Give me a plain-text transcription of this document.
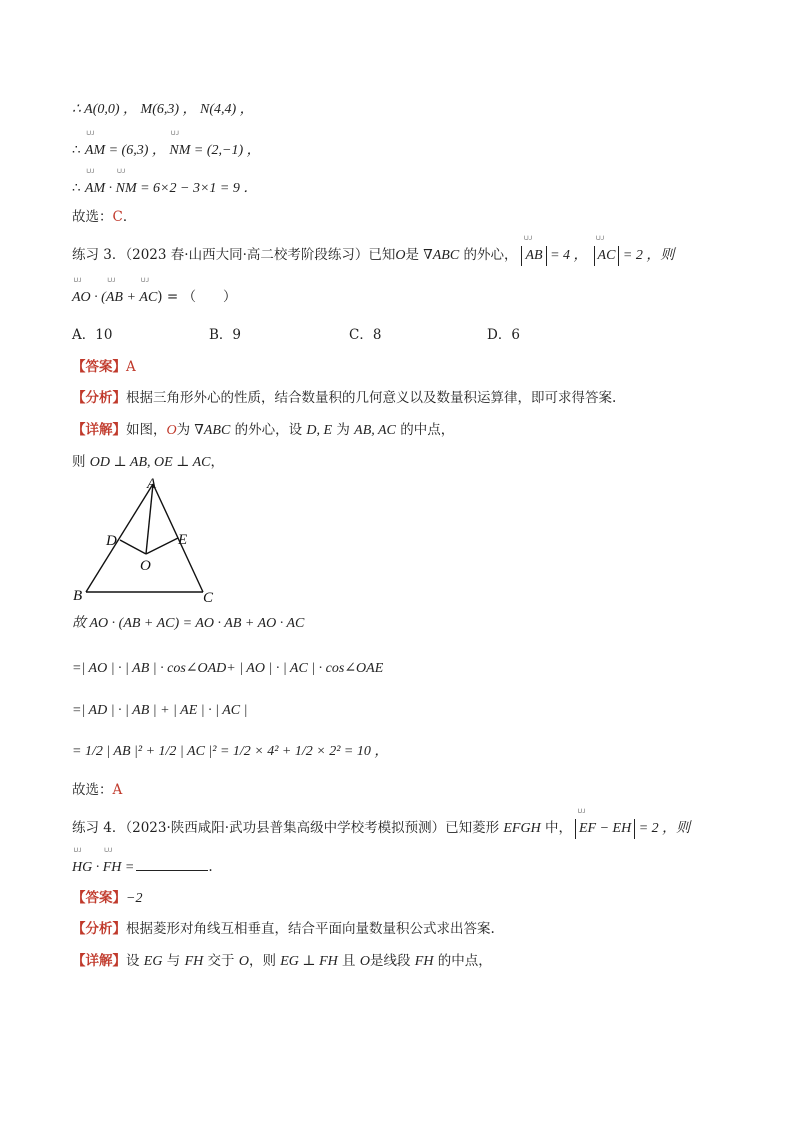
∴ A(0,0) ， M(6,3) ， N(4,4) ，
∴ └┘┘ AM = (6,3) ， └┘┘ NM = (2,−1) ，
∴ └┘┘ AM · └┘┘ NM = 6×2 − 3×1 = 9 ．
故选：C．
练习 3．（2023 春·山西大同·高二校考阶段练习）已知O是 ∇ABC 的外心， └┘┘ AB = 4 ， └┘┘ AC = 2 ，则
└┘┘ AO · (└┘┘ AB + └┘┘ AC) = （　　）
A．10	B．9	C．8	D．6
【答案】A
【分析】根据三角形外心的性质，结合数量积的几何意义以及数量积运算律，即可求得答案.
【详解】如图，O为 ∇ABC 的外心，设 D, E 为 AB, AC 的中点，
则 OD ⊥ AB, OE ⊥ AC，
A
D	E
O
B	C
故 AO · (AB + AC) = AO · AB + AO · AC
=| AO | · | AB | · cos∠OAD+ | AO | · | AC | · cos∠OAE
=| AD | · | AB | + | AE | · | AC |
= 1/2 | AB |² + 1/2 | AC |² = 1/2 × 4² + 1/2 × 2² = 10 ，
故选：A
练习 4．（2023·陕西咸阳·武功县普集高级中学校考模拟预测）已知菱形 EFGH 中， └┘┘ EF − EH = 2 ，则
└┘┘ HG · └┘┘ FH =	.
【答案】−2
【分析】根据菱形对角线互相垂直，结合平面向量数量积公式求出答案.
【详解】设 EG 与 FH 交于 O，则 EG ⊥ FH 且 O是线段 FH 的中点，
